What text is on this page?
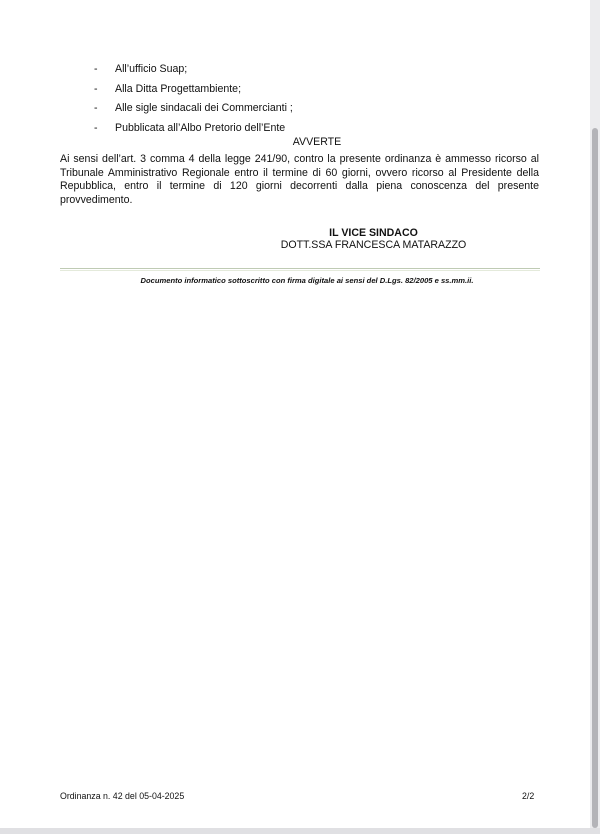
- All’ufficio Suap;
- Alla Ditta Progettambiente;
- Alle sigle sindacali dei Commercianti ;
- Pubblicata all’Albo Pretorio dell’Ente
AVVERTE

Ai sensi dell’art. 3 comma 4 della legge 241/90, contro la presente ordinanza è ammesso ricorso al Tribunale Amministrativo Regionale entro il termine di 60 giorni, ovvero ricorso al Presidente della Repubblica, entro il termine di 120 giorni decorrenti dalla piena conoscenza del presente provvedimento.

IL VICE SINDACO
DOTT.SSA FRANCESCA MATARAZZO
Documento informatico sottoscritto con firma digitale ai sensi del D.Lgs. 82/2005 e ss.mm.ii.
Ordinanza n. 42 del 05-04-2025	2/2
